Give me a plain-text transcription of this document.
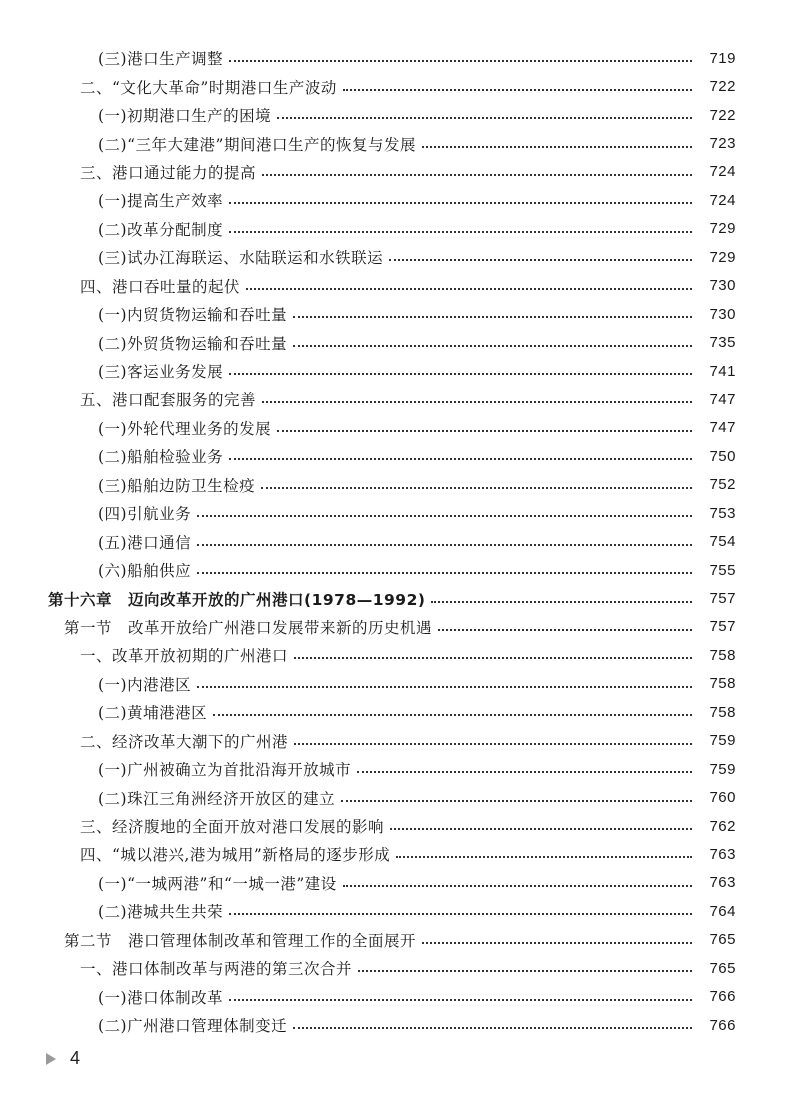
(三)港口生产调整	719
二、“文化大革命”时期港口生产波动	722
(一)初期港口生产的困境	722
(二)“三年大建港”期间港口生产的恢复与发展	723
三、港口通过能力的提高	724
(一)提高生产效率	724
(二)改革分配制度	729
(三)试办江海联运、水陆联运和水铁联运	729
四、港口吞吐量的起伏	730
(一)内贸货物运输和吞吐量	730
(二)外贸货物运输和吞吐量	735
(三)客运业务发展	741
五、港口配套服务的完善	747
(一)外轮代理业务的发展	747
(二)船舶检验业务	750
(三)船舶边防卫生检疫	752
(四)引航业务	753
(五)港口通信	754
(六)船舶供应	755
第十六章　迈向改革开放的广州港口(1978—1992)	757
第一节　改革开放给广州港口发展带来新的历史机遇	757
一、改革开放初期的广州港口	758
(一)内港港区	758
(二)黄埔港港区	758
二、经济改革大潮下的广州港	759
(一)广州被确立为首批沿海开放城市	759
(二)珠江三角洲经济开放区的建立	760
三、经济腹地的全面开放对港口发展的影响	762
四、“城以港兴,港为城用”新格局的逐步形成	763
(一)“一城两港”和“一城一港”建设	763
(二)港城共生共荣	764
第二节　港口管理体制改革和管理工作的全面展开	765
一、港口体制改革与两港的第三次合并	765
(一)港口体制改革	766
(二)广州港口管理体制变迁	766
4
